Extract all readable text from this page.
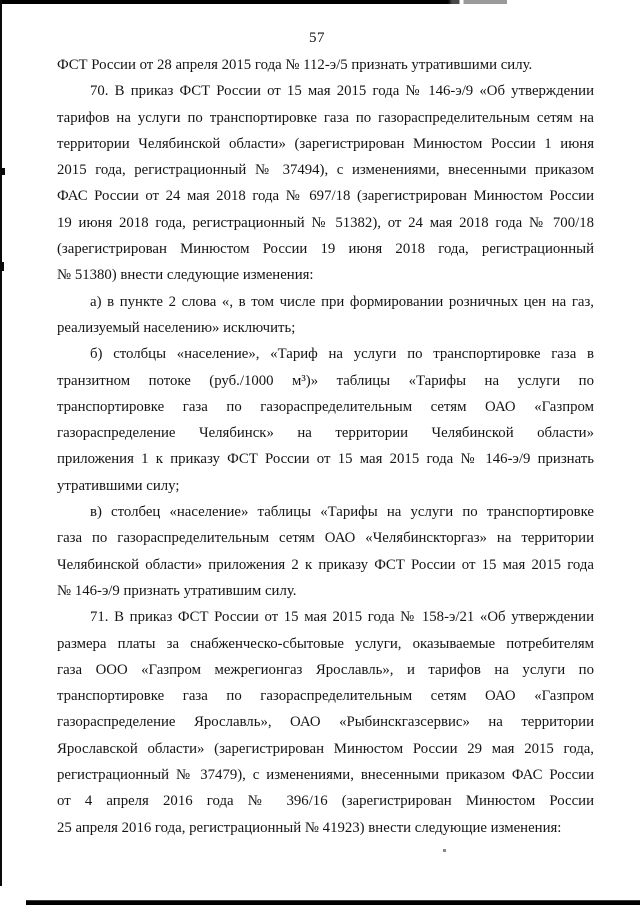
57
ФСТ России от 28 апреля 2015 года № 112-э/5 признать утратившими силу.
70. В приказ ФСТ России от 15 мая 2015 года № 146-э/9 «Об утверждении
тарифов на услуги по транспортировке газа по газораспределительным сетям на
территории Челябинской области» (зарегистрирован Минюстом России 1 июня
2015 года, регистрационный № 37494), с изменениями, внесенными приказом
ФАС России от 24 мая 2018 года № 697/18 (зарегистрирован Минюстом России
19 июня 2018 года, регистрационный № 51382), от 24 мая 2018 года № 700/18
(зарегистрирован Минюстом России 19 июня 2018 года, регистрационный
№ 51380) внести следующие изменения:
а) в пункте 2 слова «, в том числе при формировании розничных цен на газ,
реализуемый населению» исключить;
б) столбцы «население», «Тариф на услуги по транспортировке газа в
транзитном потоке (руб./1000 м³)» таблицы «Тарифы на услуги по
транспортировке газа по газораспределительным сетям ОАО «Газпром
газораспределение Челябинск» на территории Челябинской области»
приложения 1 к приказу ФСТ России от 15 мая 2015 года № 146-э/9 признать
утратившими силу;
в) столбец «население» таблицы «Тарифы на услуги по транспортировке
газа по газораспределительным сетям ОАО «Челябинскторгаз» на территории
Челябинской области» приложения 2 к приказу ФСТ России от 15 мая 2015 года
№ 146-э/9 признать утратившим силу.
71. В приказ ФСТ России от 15 мая 2015 года № 158-э/21 «Об утверждении
размера платы за снабженческо-сбытовые услуги, оказываемые потребителям
газа ООО «Газпром межрегионгаз Ярославль», и тарифов на услуги по
транспортировке газа по газораспределительным сетям ОАО «Газпром
газораспределение Ярославль», ОАО «Рыбинскгазсервис» на территории
Ярославской области» (зарегистрирован Минюстом России 29 мая 2015 года,
регистрационный № 37479), с изменениями, внесенными приказом ФАС России
от 4 апреля 2016 года № 396/16 (зарегистрирован Минюстом России
25 апреля 2016 года, регистрационный № 41923) внести следующие изменения:
